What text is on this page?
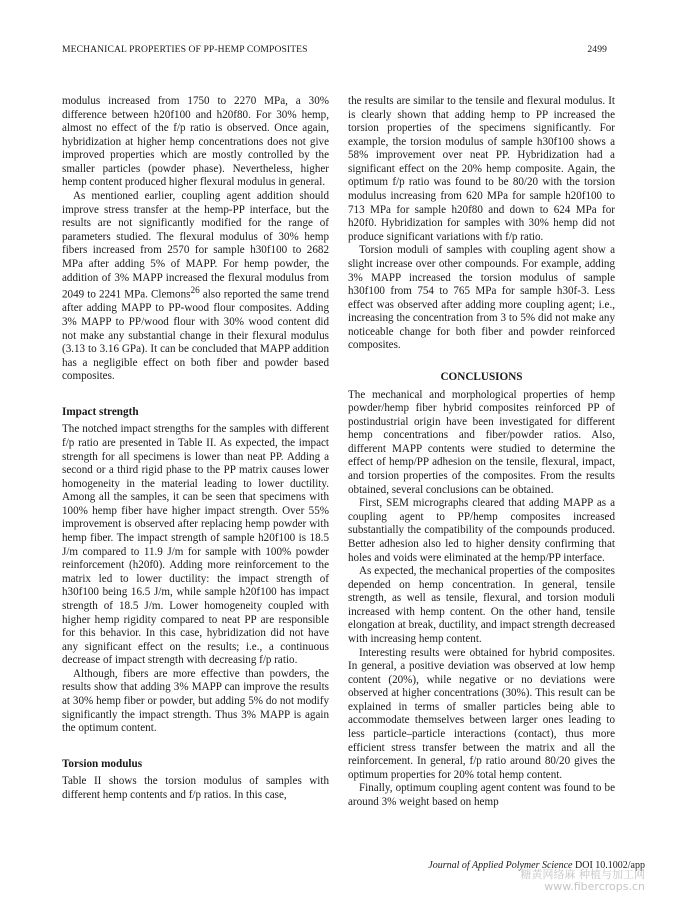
MECHANICAL PROPERTIES OF PP-HEMP COMPOSITES	2499

modulus increased from 1750 to 2270 MPa, a 30% difference between h20f100 and h20f80. For 30% hemp, almost no effect of the f/p ratio is observed. Once again, hybridization at higher hemp concentrations does not give improved properties which are mostly controlled by the smaller particles (powder phase). Nevertheless, higher hemp content produced higher flexural modulus in general.

As mentioned earlier, coupling agent addition should improve stress transfer at the hemp-PP interface, but the results are not significantly modified for the range of parameters studied. The flexural modulus of 30% hemp fibers increased from 2570 for sample h30f100 to 2682 MPa after adding 5% of MAPP. For hemp powder, the addition of 3% MAPP increased the flexural modulus from 2049 to 2241 MPa. Clemons$^{26}$ also reported the same trend after adding MAPP to PP-wood flour composites. Adding 3% MAPP to PP/wood flour with 30% wood content did not make any substantial change in their flexural modulus (3.13 to 3.16 GPa). It can be concluded that MAPP addition has a negligible effect on both fiber and powder based composites.

Impact strength

The notched impact strengths for the samples with different f/p ratio are presented in Table II. As expected, the impact strength for all specimens is lower than neat PP. Adding a second or a third rigid phase to the PP matrix causes lower homogeneity in the material leading to lower ductility. Among all the samples, it can be seen that specimens with 100% hemp fiber have higher impact strength. Over 55% improvement is observed after replacing hemp powder with hemp fiber. The impact strength of sample h20f100 is 18.5 J/m compared to 11.9 J/m for sample with 100% powder reinforcement (h20f0). Adding more reinforcement to the matrix led to lower ductility: the impact strength of h30f100 being 16.5 J/m, while sample h20f100 has impact strength of 18.5 J/m. Lower homogeneity coupled with higher hemp rigidity compared to neat PP are responsible for this behavior. In this case, hybridization did not have any significant effect on the results; i.e., a continuous decrease of impact strength with decreasing f/p ratio.

Although, fibers are more effective than powders, the results show that adding 3% MAPP can improve the results at 30% hemp fiber or powder, but adding 5% do not modify significantly the impact strength. Thus 3% MAPP is again the optimum content.

Torsion modulus

Table II shows the torsion modulus of samples with different hemp contents and f/p ratios. In this case,

the results are similar to the tensile and flexural modulus. It is clearly shown that adding hemp to PP increased the torsion properties of the specimens significantly. For example, the torsion modulus of sample h30f100 shows a 58% improvement over neat PP. Hybridization had a significant effect on the 20% hemp composite. Again, the optimum f/p ratio was found to be 80/20 with the torsion modulus increasing from 620 MPa for sample h20f100 to 713 MPa for sample h20f80 and down to 624 MPa for h20f0. Hybridization for samples with 30% hemp did not produce significant variations with f/p ratio.

Torsion moduli of samples with coupling agent show a slight increase over other compounds. For example, adding 3% MAPP increased the torsion modulus of sample h30f100 from 754 to 765 MPa for sample h30f-3. Less effect was observed after adding more coupling agent; i.e., increasing the concentration from 3 to 5% did not make any noticeable change for both fiber and powder reinforced composites.

CONCLUSIONS

The mechanical and morphological properties of hemp powder/hemp fiber hybrid composites reinforced PP of postindustrial origin have been investigated for different hemp concentrations and fiber/powder ratios. Also, different MAPP contents were studied to determine the effect of hemp/PP adhesion on the tensile, flexural, impact, and torsion properties of the composites. From the results obtained, several conclusions can be obtained.

First, SEM micrographs cleared that adding MAPP as a coupling agent to PP/hemp composites increased substantially the compatibility of the compounds produced. Better adhesion also led to higher density confirming that holes and voids were eliminated at the hemp/PP interface.

As expected, the mechanical properties of the composites depended on hemp concentration. In general, tensile strength, as well as tensile, flexural, and torsion moduli increased with hemp content. On the other hand, tensile elongation at break, ductility, and impact strength decreased with increasing hemp content.

Interesting results were obtained for hybrid composites. In general, a positive deviation was observed at low hemp content (20%), while negative or no deviations were observed at higher concentrations (30%). This result can be explained in terms of smaller particles being able to accommodate themselves between larger ones leading to less particle–particle interactions (contact), thus more efficient stress transfer between the matrix and all the reinforcement. In general, f/p ratio around 80/20 gives the optimum properties for 20% total hemp content.

Finally, optimum coupling agent content was found to be around 3% weight based on hemp

Journal of Applied Polymer Science DOI 10.1002/app
糖黄网络麻 种植与加工网
www.fibercrops.cn
